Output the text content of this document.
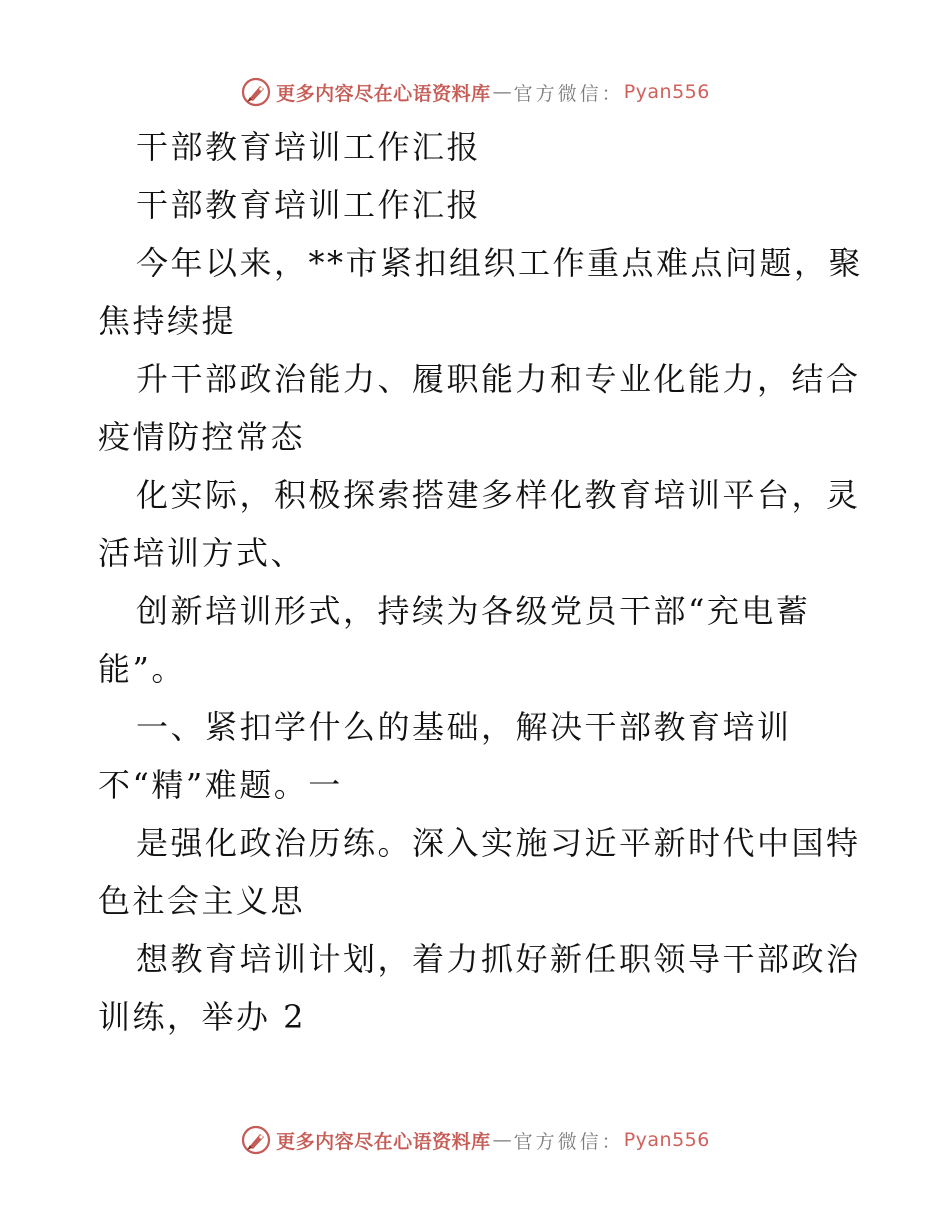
更多内容尽在心语资料库 — 官方微信： Pyan556
干部教育培训工作汇报
干部教育培训工作汇报
今年以来，**市紧扣组织工作重点难点问题，聚
焦持续提
升干部政治能力、履职能力和专业化能力，结合
疫情防控常态
化实际，积极探索搭建多样化教育培训平台，灵
活培训方式、
创新培训形式，持续为各级党员干部“充电蓄
能”。
一、紧扣学什么的基础，解决干部教育培训
不“精”难题。一
是强化政治历练。深入实施习近平新时代中国特
色社会主义思
想教育培训计划，着力抓好新任职领导干部政治
训练，举办 2
更多内容尽在心语资料库 — 官方微信： Pyan556
